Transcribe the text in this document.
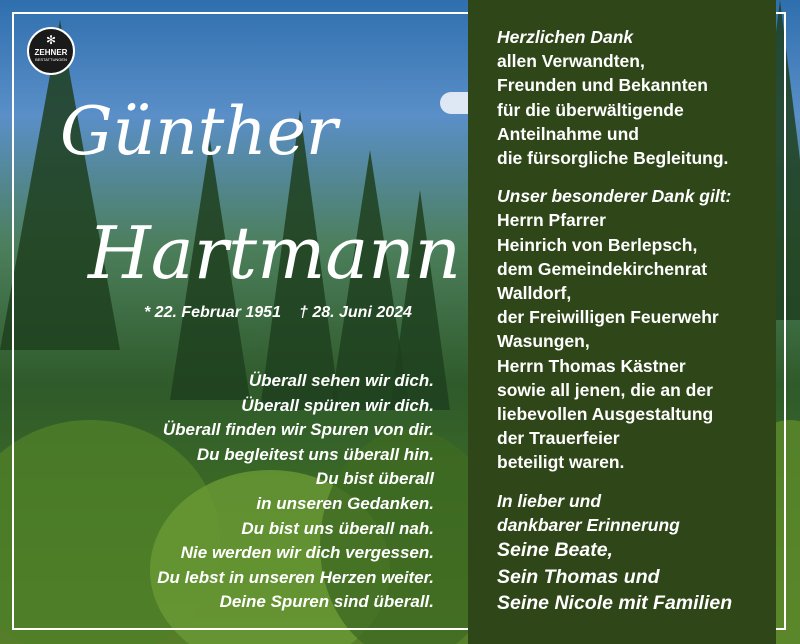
✻
ZEHNER
BESTATTUNGEN
Günther
Hartmann
* 22. Februar 1951 † 28. Juni 2024
Überall sehen wir dich.
Überall spüren wir dich.
Überall finden wir Spuren von dir.
Du begleitest uns überall hin.
Du bist überall
in unseren Gedanken.
Du bist uns überall nah.
Nie werden wir dich vergessen.
Du lebst in unseren Herzen weiter.
Deine Spuren sind überall.
Herzlichen Dank
allen Verwandten,
Freunden und Bekannten
für die überwältigende
Anteilnahme und
die fürsorgliche Begleitung.
Unser besonderer Dank gilt:
Herrn Pfarrer
Heinrich von Berlepsch,
dem Gemeindekirchenrat
Walldorf,
der Freiwilligen Feuerwehr
Wasungen,
Herrn Thomas Kästner
sowie all jenen, die an der
liebevollen Ausgestaltung
der Trauerfeier
beteiligt waren.
In lieber und
dankbarer Erinnerung
Seine Beate,
Sein Thomas und
Seine Nicole mit Familien
